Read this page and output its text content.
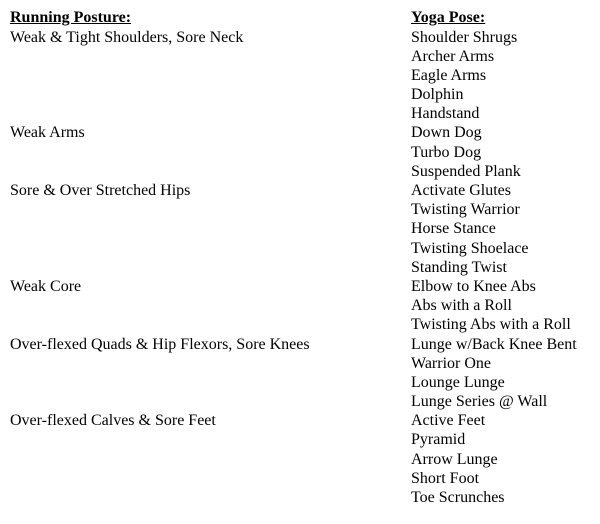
Running Posture:	Yoga Pose:
Weak & Tight Shoulders, Sore Neck
Weak Arms
Sore & Over Stretched Hips
Weak Core
Over-flexed Quads & Hip Flexors, Sore Knees
Over-flexed Calves & Sore Feet
Shoulder Shrugs
Archer Arms
Eagle Arms
Dolphin
Handstand
Down Dog
Turbo Dog
Suspended Plank
Activate Glutes
Twisting Warrior
Horse Stance
Twisting Shoelace
Standing Twist
Elbow to Knee Abs
Abs with a Roll
Twisting Abs with a Roll
Lunge w/Back Knee Bent
Warrior One
Lounge Lunge
Lunge Series @ Wall
Active Feet
Pyramid
Arrow Lunge
Short Foot
Toe Scrunches
